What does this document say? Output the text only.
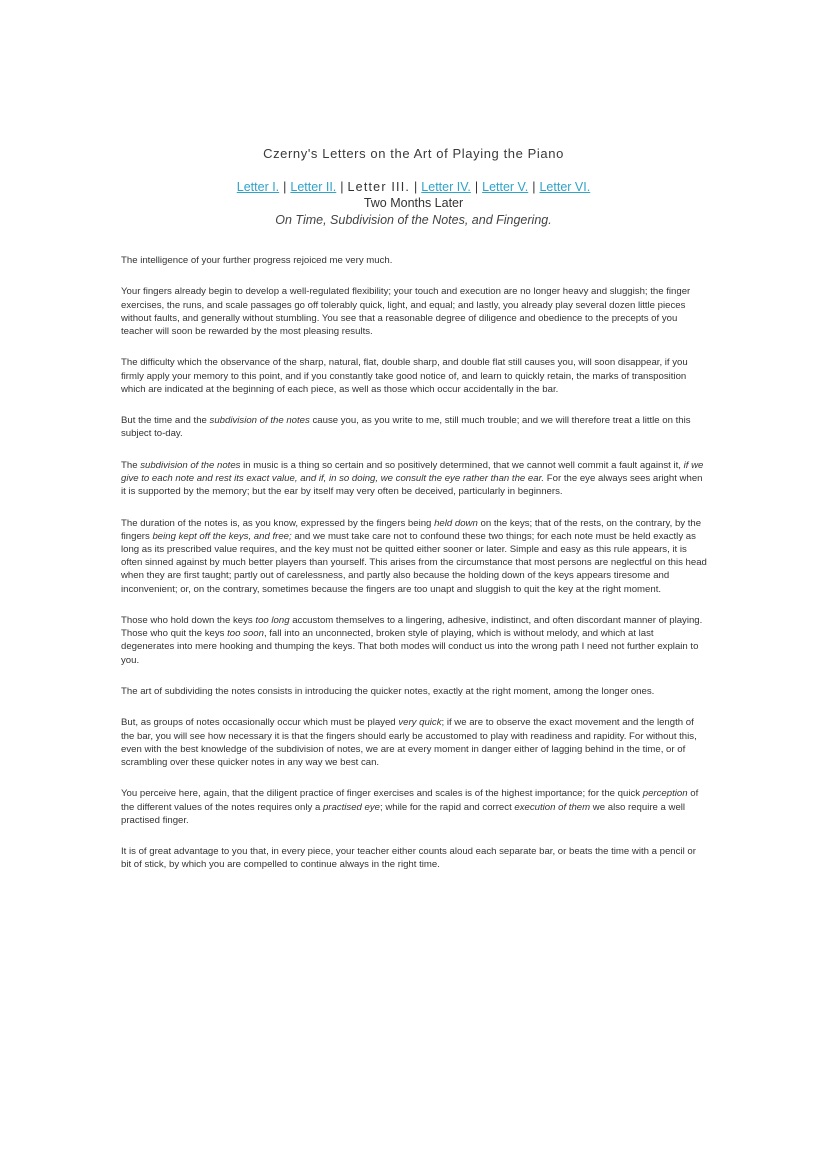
Czerny's Letters on the Art of Playing the Piano

Letter I. | Letter II. | Letter III. | Letter IV. | Letter V. | Letter VI.
Two Months Later
On Time, Subdivision of the Notes, and Fingering.

The intelligence of your further progress rejoiced me very much.

Your fingers already begin to develop a well-regulated flexibility; your touch and execution are no longer heavy and sluggish; the finger exercises, the runs, and scale passages go off tolerably quick, light, and equal; and lastly, you already play several dozen little pieces without faults, and generally without stumbling. You see that a reasonable degree of diligence and obedience to the precepts of you teacher will soon be rewarded by the most pleasing results.

The difficulty which the observance of the sharp, natural, flat, double sharp, and double flat still causes you, will soon disappear, if you firmly apply your memory to this point, and if you constantly take good notice of, and learn to quickly retain, the marks of transposition which are indicated at the beginning of each piece, as well as those which occur accidentally in the bar.

But the time and the subdivision of the notes cause you, as you write to me, still much trouble; and we will therefore treat a little on this subject to-day.

The subdivision of the notes in music is a thing so certain and so positively determined, that we cannot well commit a fault against it, if we give to each note and rest its exact value, and if, in so doing, we consult the eye rather than the ear. For the eye always sees aright when it is supported by the memory; but the ear by itself may very often be deceived, particularly in beginners.

The duration of the notes is, as you know, expressed by the fingers being held down on the keys; that of the rests, on the contrary, by the fingers being kept off the keys, and free; and we must take care not to confound these two things; for each note must be held exactly as long as its prescribed value requires, and the key must not be quitted either sooner or later. Simple and easy as this rule appears, it is often sinned against by much better players than yourself. This arises from the circumstance that most persons are neglectful on this head when they are first taught; partly out of carelessness, and partly also because the holding down of the keys appears tiresome and inconvenient; or, on the contrary, sometimes because the fingers are too unapt and sluggish to quit the key at the right moment.

Those who hold down the keys too long accustom themselves to a lingering, adhesive, indistinct, and often discordant manner of playing. Those who quit the keys too soon, fall into an unconnected, broken style of playing, which is without melody, and which at last degenerates into mere hooking and thumping the keys. That both modes will conduct us into the wrong path I need not further explain to you.

The art of subdividing the notes consists in introducing the quicker notes, exactly at the right moment, among the longer ones.

But, as groups of notes occasionally occur which must be played very quick; if we are to observe the exact movement and the length of the bar, you will see how necessary it is that the fingers should early be accustomed to play with readiness and rapidity. For without this, even with the best knowledge of the subdivision of notes, we are at every moment in danger either of lagging behind in the time, or of scrambling over these quicker notes in any way we best can.

You perceive here, again, that the diligent practice of finger exercises and scales is of the highest importance; for the quick perception of the different values of the notes requires only a practised eye; while for the rapid and correct execution of them we also require a well practised finger.

It is of great advantage to you that, in every piece, your teacher either counts aloud each separate bar, or beats the time with a pencil or bit of stick, by which you are compelled to continue always in the right time.
